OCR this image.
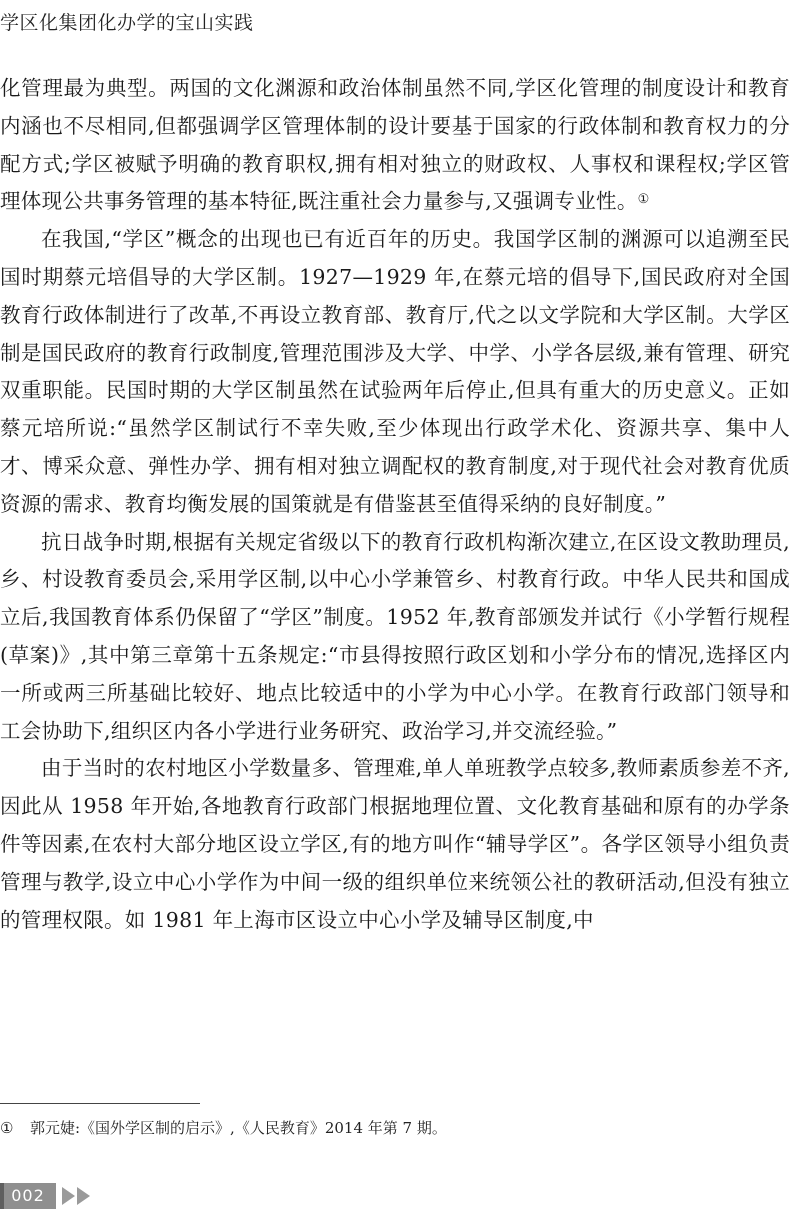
学区化集团化办学的宝山实践

化管理最为典型。两国的文化渊源和政治体制虽然不同,学区化管理的制度设计和教育内涵也不尽相同,但都强调学区管理体制的设计要基于国家的行政体制和教育权力的分配方式;学区被赋予明确的教育职权,拥有相对独立的财政权、人事权和课程权;学区管理体现公共事务管理的基本特征,既注重社会力量参与,又强调专业性。①

在我国,“学区”概念的出现也已有近百年的历史。我国学区制的渊源可以追溯至民国时期蔡元培倡导的大学区制。1927—1929 年,在蔡元培的倡导下,国民政府对全国教育行政体制进行了改革,不再设立教育部、教育厅,代之以文学院和大学区制。大学区制是国民政府的教育行政制度,管理范围涉及大学、中学、小学各层级,兼有管理、研究双重职能。民国时期的大学区制虽然在试验两年后停止,但具有重大的历史意义。正如蔡元培所说:“虽然学区制试行不幸失败,至少体现出行政学术化、资源共享、集中人才、博采众意、弹性办学、拥有相对独立调配权的教育制度,对于现代社会对教育优质资源的需求、教育均衡发展的国策就是有借鉴甚至值得采纳的良好制度。”

抗日战争时期,根据有关规定省级以下的教育行政机构渐次建立,在区设文教助理员,乡、村设教育委员会,采用学区制,以中心小学兼管乡、村教育行政。中华人民共和国成立后,我国教育体系仍保留了“学区”制度。1952 年,教育部颁发并试行《小学暂行规程(草案)》,其中第三章第十五条规定:“市县得按照行政区划和小学分布的情况,选择区内一所或两三所基础比较好、地点比较适中的小学为中心小学。在教育行政部门领导和工会协助下,组织区内各小学进行业务研究、政治学习,并交流经验。”

由于当时的农村地区小学数量多、管理难,单人单班教学点较多,教师素质参差不齐,因此从 1958 年开始,各地教育行政部门根据地理位置、文化教育基础和原有的办学条件等因素,在农村大部分地区设立学区,有的地方叫作“辅导学区”。各学区领导小组负责管理与教学,设立中心小学作为中间一级的组织单位来统领公社的教研活动,但没有独立的管理权限。如 1981 年上海市区设立中心小学及辅导区制度,中

① 郭元婕:《国外学区制的启示》,《人民教育》2014 年第 7 期。
002
